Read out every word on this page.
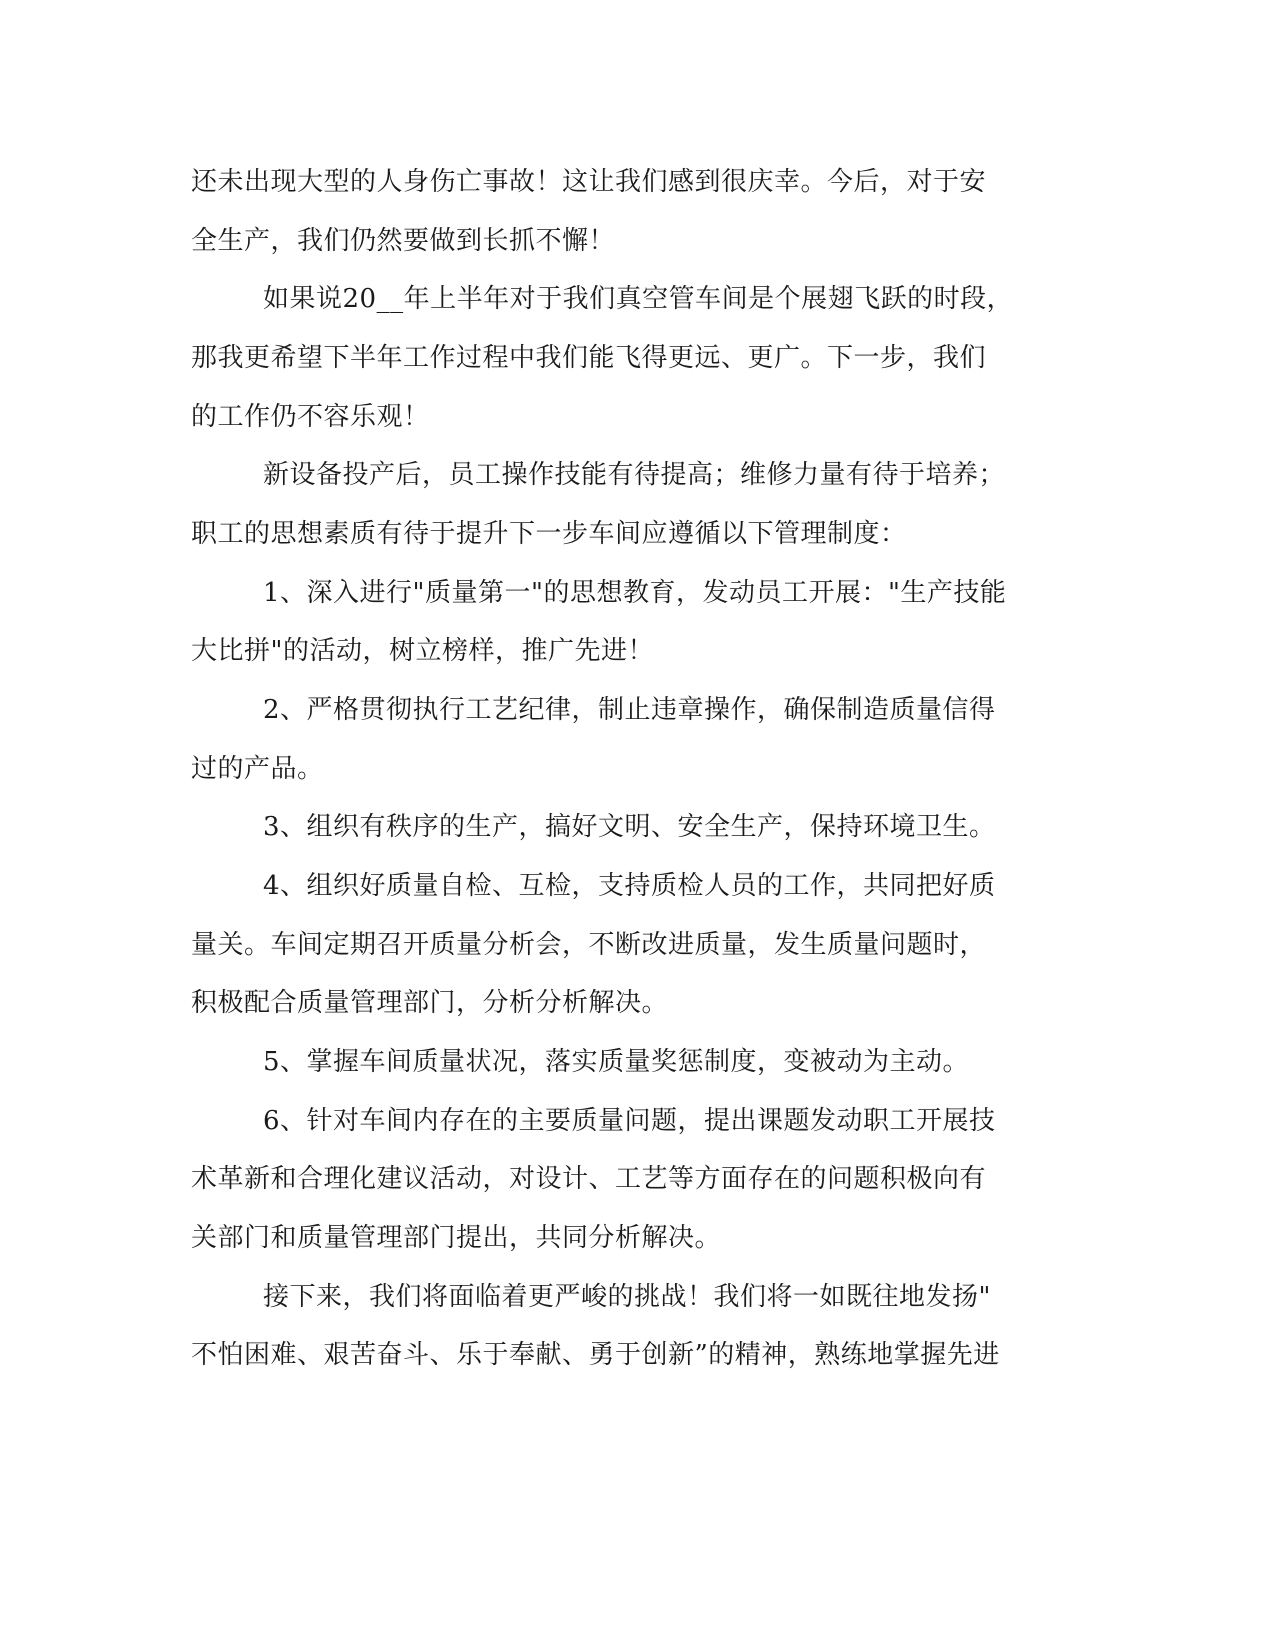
还未出现大型的人身伤亡事故！这让我们感到很庆幸。今后，对于安

全生产，我们仍然要做到长抓不懈！

如果说20__年上半年对于我们真空管车间是个展翅飞跃的时段，

那我更希望下半年工作过程中我们能飞得更远、更广。下一步，我们

的工作仍不容乐观！

新设备投产后，员工操作技能有待提高；维修力量有待于培养；

职工的思想素质有待于提升下一步车间应遵循以下管理制度：

1、深入进行"质量第一"的思想教育，发动员工开展："生产技能

大比拼"的活动，树立榜样，推广先进！

2、严格贯彻执行工艺纪律，制止违章操作，确保制造质量信得

过的产品。

3、组织有秩序的生产，搞好文明、安全生产，保持环境卫生。

4、组织好质量自检、互检，支持质检人员的工作，共同把好质

量关。车间定期召开质量分析会，不断改进质量，发生质量问题时，

积极配合质量管理部门，分析分析解决。

5、掌握车间质量状况，落实质量奖惩制度，变被动为主动。

6、针对车间内存在的主要质量问题，提出课题发动职工开展技

术革新和合理化建议活动，对设计、工艺等方面存在的问题积极向有

关部门和质量管理部门提出，共同分析解决。

接下来，我们将面临着更严峻的挑战！我们将一如既往地发扬"

不怕困难、艰苦奋斗、乐于奉献、勇于创新”的精神，熟练地掌握先进
